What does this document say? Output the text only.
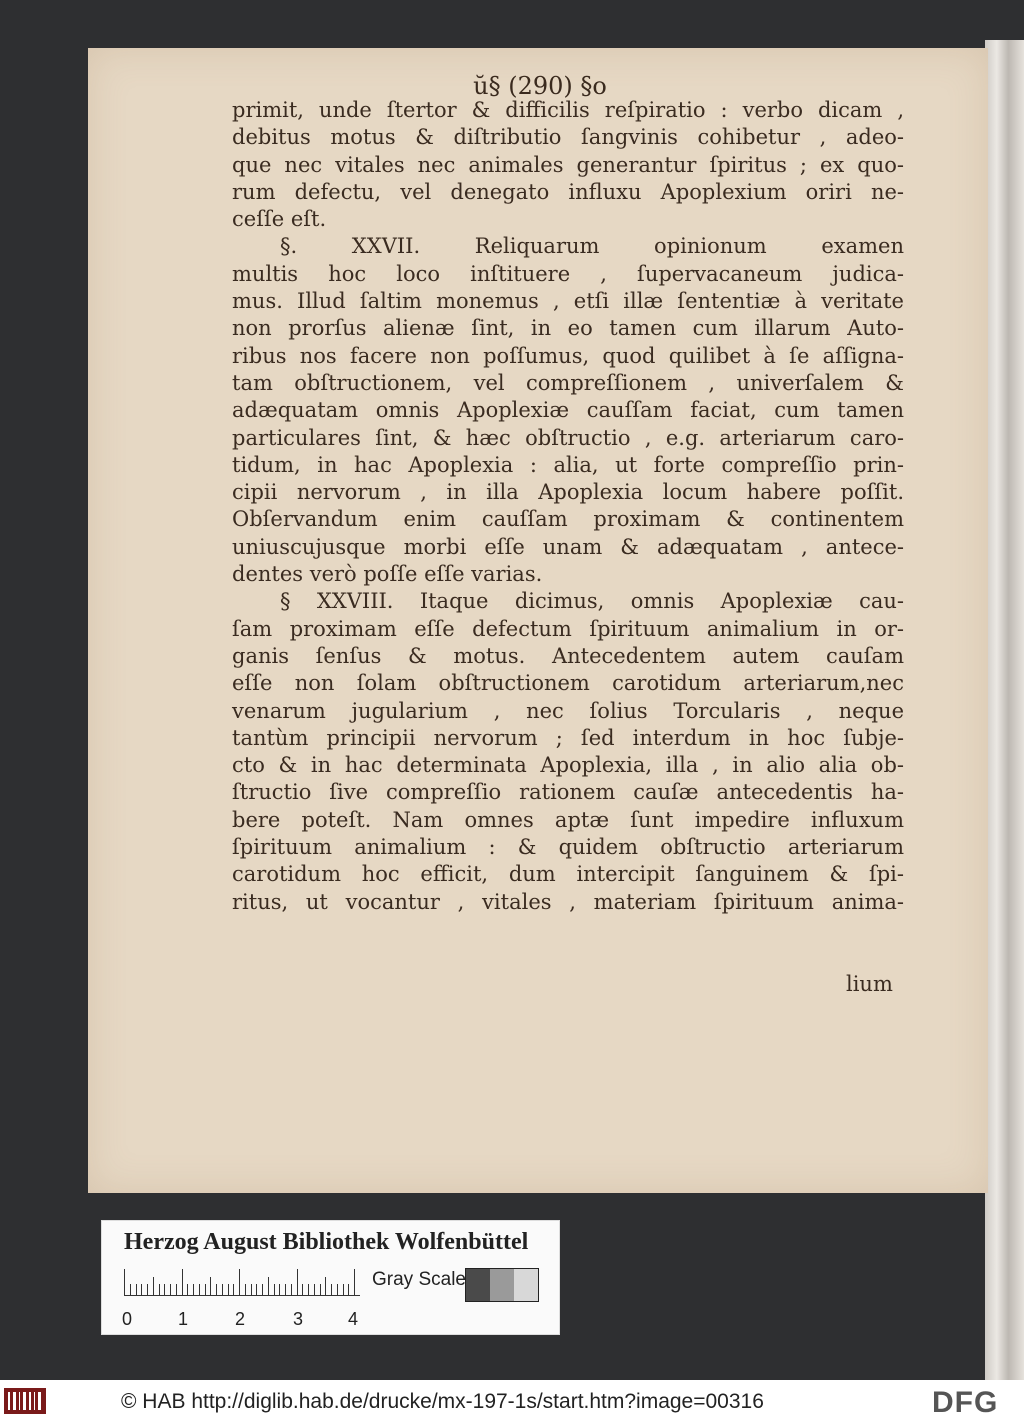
ŭ§ (290) §o
primit, unde ſtertor & difficilis reſpiratio : verbo dicam ,
debitus motus & diſtributio ſangvinis cohibetur , adeo-
que nec vitales nec animales generantur ſpiritus ; ex quo-
rum defectu, vel denegato influxu Apoplexium oriri ne-
ceſſe eſt.
§. XXVII. Reliquarum opinionum examen
multis hoc loco inſtituere , ſupervacaneum judica-
mus. Illud ſaltim monemus , etſi illæ ſententiæ à veritate
non prorſus alienæ ſint, in eo tamen cum illarum Auto-
ribus nos facere non poſſumus, quod quilibet à ſe aſſigna-
tam obſtructionem, vel compreſſionem , univerſalem &
adæquatam omnis Apoplexiæ cauſſam faciat, cum tamen
particulares ſint, & hæc obſtructio , e.g. arteriarum caro-
tidum, in hac Apoplexia : alia, ut forte compreſſio prin-
cipii nervorum , in illa Apoplexia locum habere poſſit.
Obſervandum enim cauſſam proximam & continentem
uniuscujusque morbi eſſe unam & adæquatam , antece-
dentes verò poſſe eſſe varias.
§ XXVIII. Itaque dicimus, omnis Apoplexiæ cau-
ſam proximam eſſe defectum ſpirituum animalium in or-
ganis ſenſus & motus. Antecedentem autem cauſam
eſſe non ſolam obſtructionem carotidum arteriarum,nec
venarum jugularium , nec ſolius Torcularis , neque
tantùm principii nervorum ; ſed interdum in hoc ſubje-
cto & in hac determinata Apoplexia, illa , in alio alia ob-
ſtructio ſive compreſſio rationem cauſæ antecedentis ha-
bere poteſt. Nam omnes aptæ ſunt impedire influxum
ſpirituum animalium : & quidem obſtructio arteriarum
carotidum hoc efficit, dum intercipit ſanguinem & ſpi-
ritus, ut vocantur , vitales , materiam ſpirituum anima-
lium
Herzog August Bibliothek Wolfenbüttel
0	1	2	3 4
Gray Scale
© HAB http://diglib.hab.de/drucke/mx-197-1s/start.htm?image=00316	DFG
